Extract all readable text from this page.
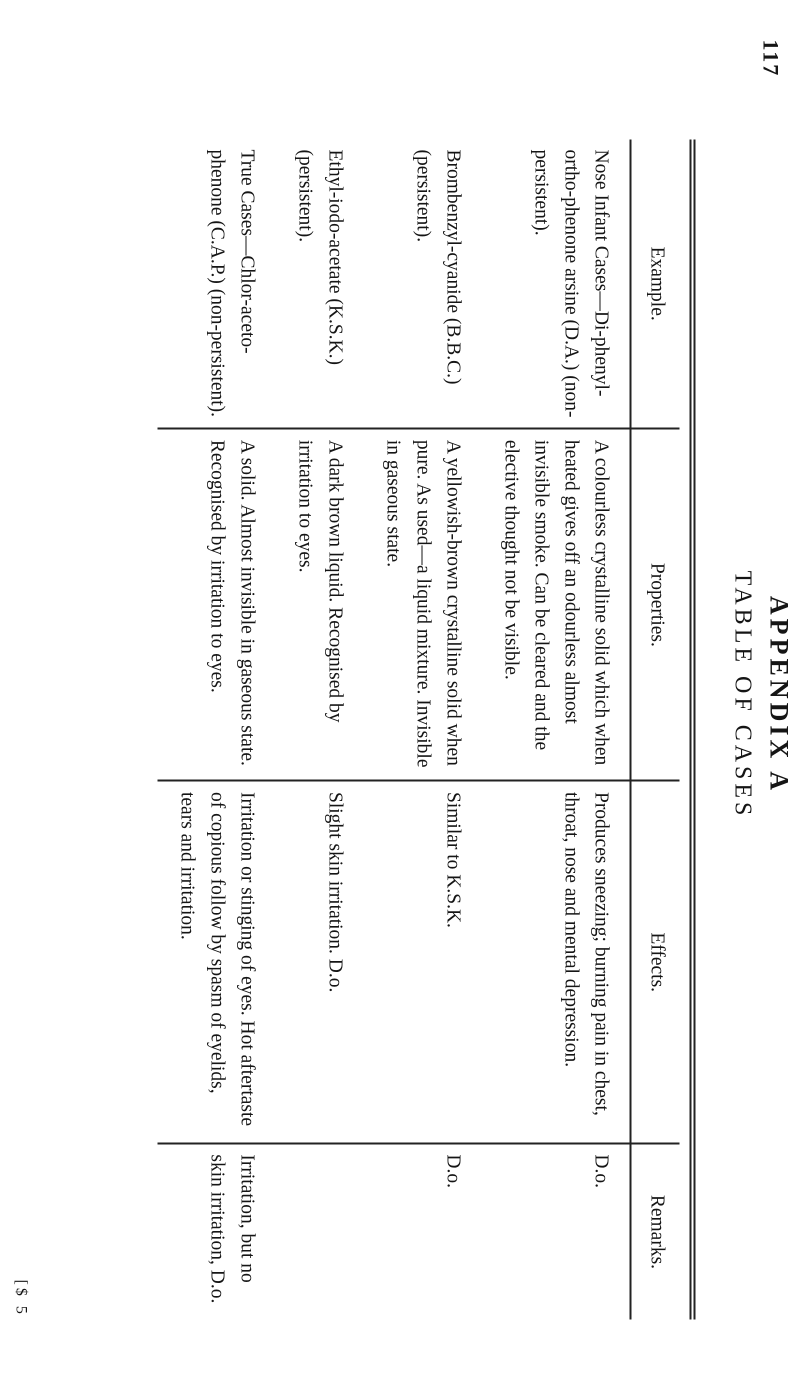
117
APPENDIX A
TABLE OF CASES
Example.	Properties.	Effects.	Remarks.
Nose Infant Cases—Di-phenyl-ortho-phenone arsine (D.A.) (non-persistent).	A colourless crystalline solid which when heated gives off an odourless almost invisible smoke. Can be cleared and the elective thought not be visible.	Produces sneezing; burning pain in chest, throat, nose and mental depression.	D.o.
Brombenzyl-cyanide (B.B.C.) (persistent).	A yellowish-brown crystalline solid when pure. As used—a liquid mixture. Invisible in gaseous state.	Similar to K.S.K.	D.o.
Ethyl-iodo-acetate (K.S.K.) (persistent).	A dark brown liquid. Recognised by irritation to eyes.	Slight skin irritation. D.o.	
True Cases—Chlor-aceto-phenone (C.A.P.) (non-persistent).	A solid. Almost invisible in gaseous state. Recognised by irritation to eyes.	Irritation or stinging of eyes. Hot aftertaste of copious follow by spasm of eyelids, tears and irritation.	Irritation, but no skin irritation, D.o.
[$ 5
